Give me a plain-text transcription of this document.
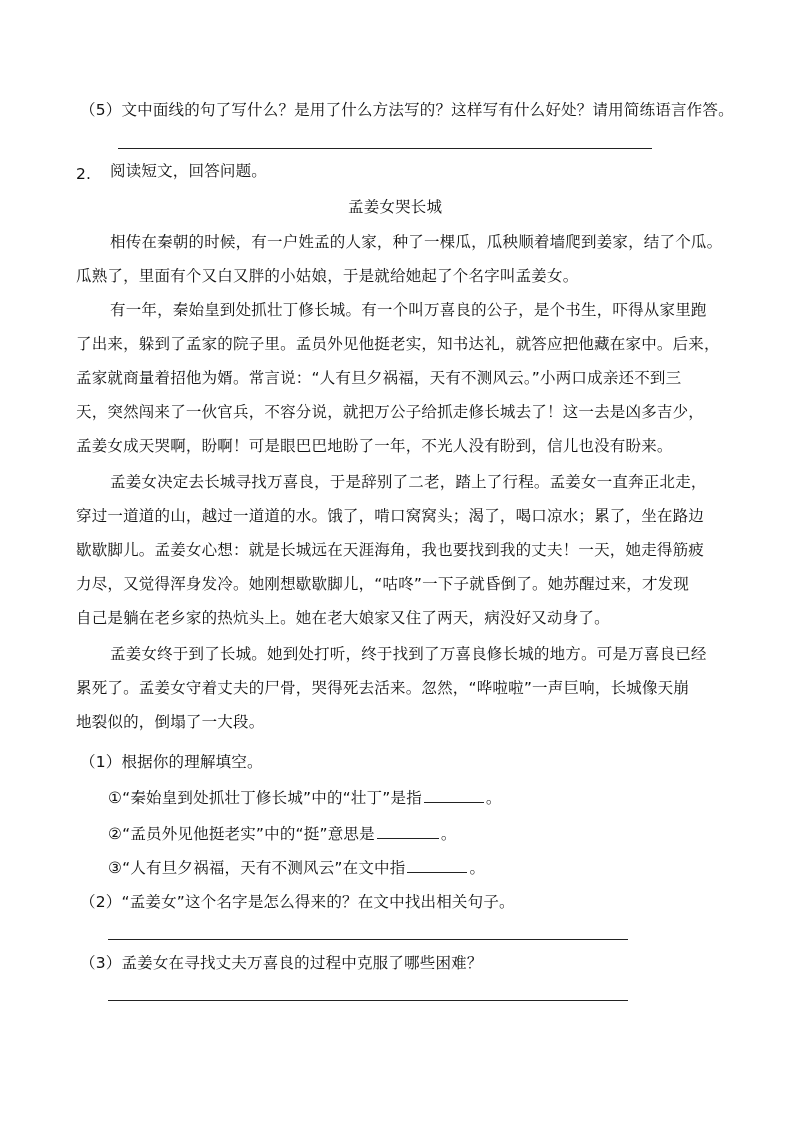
（5）文中面线的句了写什么？是用了什么方法写的？这样写有什么好处？请用简练语言作答。
2. 阅读短文，回答问题。
孟姜女哭长城
相传在秦朝的时候，有一户姓孟的人家，种了一棵瓜，瓜秧顺着墙爬到姜家，结了个瓜。
瓜熟了，里面有个又白又胖的小姑娘，于是就给她起了个名字叫孟姜女。
有一年，秦始皇到处抓壮丁修长城。有一个叫万喜良的公子，是个书生，吓得从家里跑
了出来，躲到了孟家的院子里。孟员外见他挺老实，知书达礼，就答应把他藏在家中。后来，
孟家就商量着招他为婿。常言说：“人有旦夕祸福，天有不测风云。”小两口成亲还不到三
天，突然闯来了一伙官兵，不容分说，就把万公子给抓走修长城去了！这一去是凶多吉少，
孟姜女成天哭啊，盼啊！可是眼巴巴地盼了一年，不光人没有盼到，信儿也没有盼来。
孟姜女决定去长城寻找万喜良，于是辞别了二老，踏上了行程。孟姜女一直奔正北走，
穿过一道道的山，越过一道道的水。饿了，啃口窝窝头；渴了，喝口凉水；累了，坐在路边
歇歇脚儿。孟姜女心想：就是长城远在天涯海角，我也要找到我的丈夫！一天，她走得筋疲
力尽，又觉得浑身发冷。她刚想歇歇脚儿，“咕咚”一下子就昏倒了。她苏醒过来，才发现
自己是躺在老乡家的热炕头上。她在老大娘家又住了两天，病没好又动身了。
孟姜女终于到了长城。她到处打听，终于找到了万喜良修长城的地方。可是万喜良已经
累死了。孟姜女守着丈夫的尸骨，哭得死去活来。忽然，“哗啦啦”一声巨响，长城像天崩
地裂似的，倒塌了一大段。
（1）根据你的理解填空。
①“秦始皇到处抓壮丁修长城”中的“壮丁”是指	。
②“孟员外见他挺老实”中的“挺”意思是	。
③“人有旦夕祸福，天有不测风云”在文中指	。
（2）“孟姜女”这个名字是怎么得来的？在文中找出相关句子。
（3）孟姜女在寻找丈夫万喜良的过程中克服了哪些困难？
